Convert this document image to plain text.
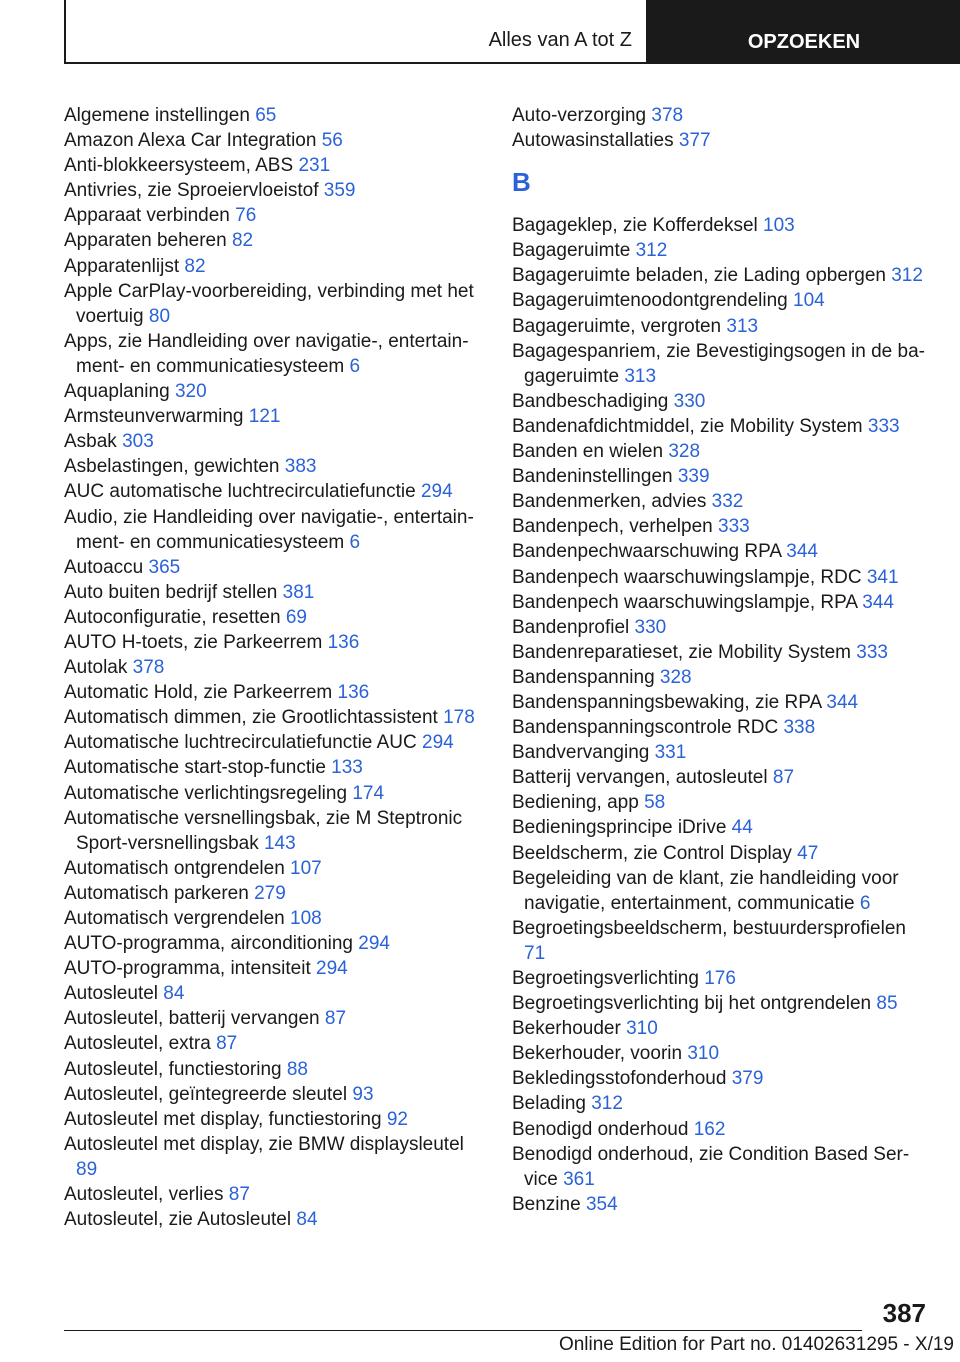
Alles van A tot Z	OPZOEKEN
Algemene instellingen 65
Amazon Alexa Car Integration 56
Anti-blokkeersysteem, ABS 231
Antivries, zie Sproeiervloeistof 359
Apparaat verbinden 76
Apparaten beheren 82
Apparatenlijst 82
Apple CarPlay-voorbereiding, verbinding met het voertuig 80
Apps, zie Handleiding over navigatie-, entertainment- en communicatiesysteem 6
Aquaplaning 320
Armsteunverwarming 121
Asbak 303
Asbelastingen, gewichten 383
AUC automatische luchtrecirculatiefunctie 294
Audio, zie Handleiding over navigatie-, entertainment- en communicatiesysteem 6
Autoaccu 365
Auto buiten bedrijf stellen 381
Autoconfiguratie, resetten 69
AUTO H-toets, zie Parkeerrem 136
Autolak 378
Automatic Hold, zie Parkeerrem 136
Automatisch dimmen, zie Grootlichtassistent 178
Automatische luchtrecirculatiefunctie AUC 294
Automatische start-stop-functie 133
Automatische verlichtingsregeling 174
Automatische versnellingsbak, zie M Steptronic Sport-versnellingsbak 143
Automatisch ontgrendelen 107
Automatisch parkeren 279
Automatisch vergrendelen 108
AUTO-programma, airconditioning 294
AUTO-programma, intensiteit 294
Autosleutel 84
Autosleutel, batterij vervangen 87
Autosleutel, extra 87
Autosleutel, functiestoring 88
Autosleutel, geïntegreerde sleutel 93
Autosleutel met display, functiestoring 92
Autosleutel met display, zie BMW displaysleutel 89
Autosleutel, verlies 87
Autosleutel, zie Autosleutel 84
Auto-verzorging 378
Autowasinstallaties 377
B
Bagageklep, zie Kofferdeksel 103
Bagageruimte 312
Bagageruimte beladen, zie Lading opbergen 312
Bagageruimtenoodontgrendeling 104
Bagageruimte, vergroten 313
Bagagespanriem, zie Bevestigingsogen in de bagageruimte 313
Bandbeschadiging 330
Bandenafdichtmiddel, zie Mobility System 333
Banden en wielen 328
Bandeninstellingen 339
Bandenmerken, advies 332
Bandenpech, verhelpen 333
Bandenpechwaarschuwing RPA 344
Bandenpech waarschuwingslampje, RDC 341
Bandenpech waarschuwingslampje, RPA 344
Bandenprofiel 330
Bandenreparatieset, zie Mobility System 333
Bandenspanning 328
Bandenspanningsbewaking, zie RPA 344
Bandenspanningscontrole RDC 338
Bandvervanging 331
Batterij vervangen, autosleutel 87
Bediening, app 58
Bedieningsprincipe iDrive 44
Beeldscherm, zie Control Display 47
Begeleiding van de klant, zie handleiding voor navigatie, entertainment, communicatie 6
Begroetingsbeeldscherm, bestuurdersprofielen 71
Begroetingsverlichting 176
Begroetingsverlichting bij het ontgrendelen 85
Bekerhouder 310
Bekerhouder, voorin 310
Bekledingsstofonderhoud 379
Belading 312
Benodigd onderhoud 162
Benodigd onderhoud, zie Condition Based Service 361
Benzine 354
387
Online Edition for Part no. 01402631295 - X/19
